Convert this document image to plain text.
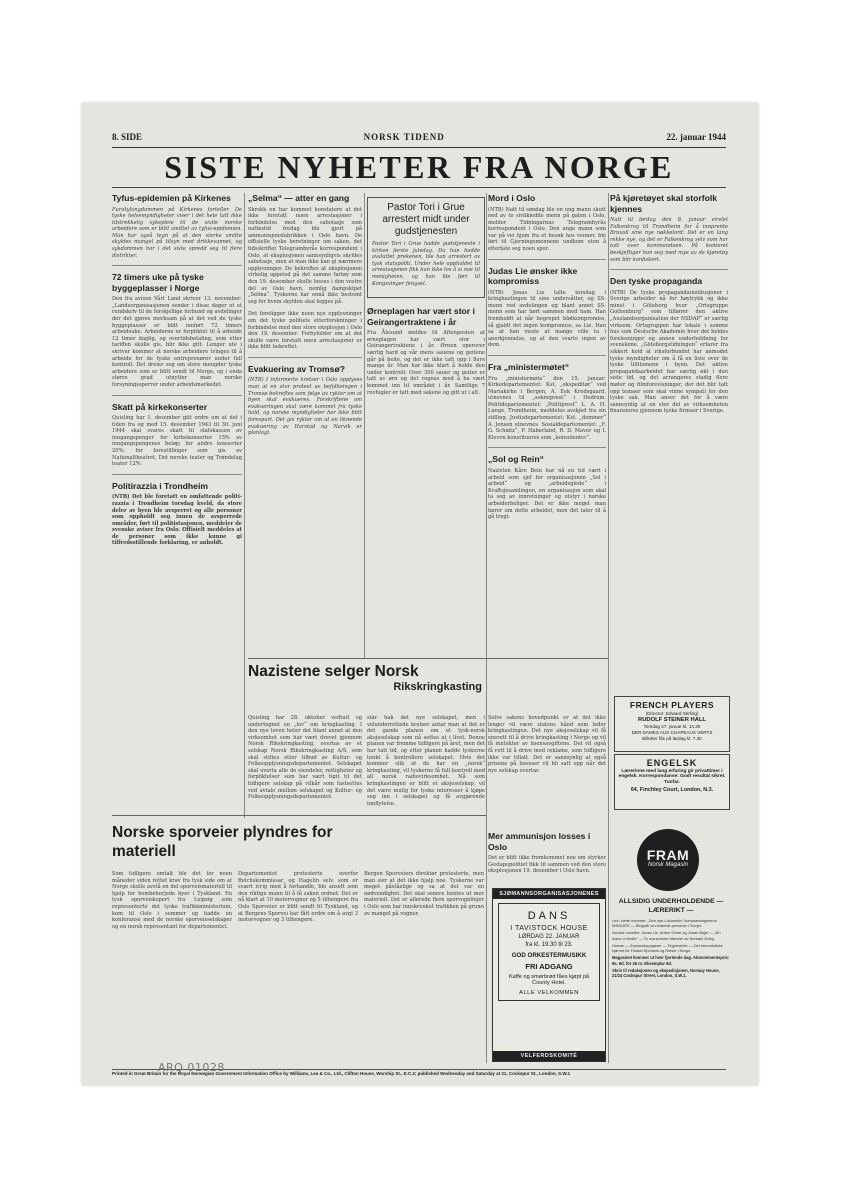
8. SIDE	NORSK TIDEND	22. januar 1944
SISTE NYHETER FRA NORGE
Tyfus-epidemien på Kirkenes

Furutylungdommen på Kirkenes forteller. De tyske helsemyndigheter viser i det hele tatt ikke tilstrekkelig sykepleie til de sivile norske arbeidere som er blitt smittet av tyfus-epidemien. Man har også tegn på at den sterke smitte skyldes mangel på tilsyn med drikkevannet, og sykdommen har i det siste spredd seg til flere distrikter.

72 timers uke på tyske byggeplasser i Norge

Den fra avisen Vårt Land skriver 13. november: „Landsorganisasjonen sender i disse dager ut et rundskriv til de forskjellige forbund og avdelinger der det gjøres merksam på at det ved de tyske byggeplasser er blitt innført 72 timers arbeidsuke. Arbeiderne er forpliktet til å arbeide 12 timer daglig, og overtidsbetaling, som etter tariffen skulle gis, blir ikke gitt. Lenger ute i skriver kommer at norske arbeidere tvinges til å arbeide for de tyske entreprenører under full kontroll. Det dreier seg om store mengder tyske arbeidere som er blitt sendt til Norge, og i enda større grad utnytter man norske forsyningssperrer under arbeidsmarkedet.

Skatt på kirkekonserter

Quisling har 1. desember gitt ordre om at det i tiden fra og med 15. desember 1943 til 30. juni 1944 skal svares skatt til statskassen av inngangspenger for kirkekonserter 15% av inngangspengenes beløp; for andre konserter 20%; for forestillinger som gis av Nationaltheatret, Det norske teater og Trøndelag teater 12%.

Politirazzia i Trondheim

(NTB) Det ble foretatt en omfattende politi-razzia i Trondheim torsdag kveld, da store deler av byen ble avsperret og alle personer som oppholdt seg innen de avsperrede områder, ført til politistasjonen, meddeler de svenske aviser fra Oslo. Offisielt meddeles at de personer som ikke kunne gi tilfredsstillende forklaring, er anholdt.

„Selma“ — atter en gang

Skrekk en har kommet konstatere at det ikke foretatt noen arrestasjoner i forbindelse med den sabotasje som nattestid fredag ble gjort på ammunisjonsfabrikken i Oslo havn. De offisielle tyske beretninger om saken, det tidsskriftet Telegrambyrås korrespondent i Oslo, at eksplosjonen sannsynligvis skyldes sabotasje, men at man ikke kan gi nærmere opplysninger. De bekreftes at eksplosjonen virkelig oppstod på det samme fartøy som den 19. desember skulle losses i den vestre del av Oslo havn, nemlig dampskipet „Selma“. Tyskerne har ennå ikke bestemt seg for hvem skylden skal legges på.

Det foreligger ikke noen nye opplysninger om det tyske politiets etterforskninger i forbindelse med den store eksplosjon i Oslo den 19. desember. Forbyfolder om at det skulle være foretatt noen arrestasjoner er ikke blitt bekreftet.

Evakuering av Tromsø?

(NTB) I informerte kretser i Oslo opplyses man at en stor protest av befolkningen i Tromsø bekreftes som følge av rykter om at byen skal evakueres. Forskriftene om evakueringen skal være kommet fra tyske hold, og norske myndigheter har ikke blitt forespurt. Det gis rykter om at en liknende evakuering av Harstad og Narvik er planlagt.

Pastor Tori i Grue arrestert midt under gudstjenesten

Pastor Tori i Grue hadde gudstjeneste i kirken første juledag. Da han hadde avsluttet prekenen, ble han arrestert av tysk statspoliti. Under hele oppholdet til arrestasjonen fikk han ikke lov å si noe til menigheten, og han ble ført til Kongsvinger fengsel.

Ørneplagen har vært stor i Geirangertraktene i år

Fra Ålesund meldes til Aftenposten at ørneplagen har vært stor i Geirangertraktene i år. Ørnen opererer særlig hard og vår mens sauene og geitene går på beite, og det er ikke tatt opp i flere mange år. Man har ikke klart å holde den under kontroll. Over 300 sauer og geiter er tatt av ørn og det regnes med å ha vært kommet inn til området i år. Samtlige 7 rovfugler er tatt med sakene og gitt ut i alt.

Mord i Oslo

(NTB) Natt til søndag ble en ung mann skutt ned av to sivilkledde menn på gaten i Oslo, melder Tidningarnas Telegrambyrås korrespondent i Oslo. Den unge mann som var på vei hjem fra et besøk hos venner, ble ført til Gjerningsmennene undkom uten å etterlate seg noen spor.

Judas Lie ønsker ikke kompromiss

(NTB) Jonas Lie talte torsdag i kringkastingen til sine undersåtter, og SS-menn ved avdelingen og blant annet SS-menn som har hørt sammen med ham. Han fremholdt at når begrepet bløtkompromiss, så gjaldt det ingen kompromiss, sa Lie. Han sa at han visste at mange ville ta i anerkjennelse, og at den svarte ingen av dem.

Fra „ministermøtet“

Fra „ministermøte“ den 15. januar: Kirkedepartementet: Kst. „ekspeditør“ ved Mariakirke i Bergen, A. Eek Krodsgaard, utnevnes til „sokneprest“ i Hedrum. Politidepartementet: „Politiprest“ L. A. H. Lunge, Trondheim, meddeles avskjed fra sin stilling. Justisdepartementet: Kst. „dommer“ A. Jensen utnevnes. Sosialdepartementet: „F. G. Schiøtz“, F. Haberland, R. D. Maver og I. Kleven konstitueres som „konsulenter“.

„Sol og Rein“

Nazisten Kåre Bein har nå en tid vært i arbeid som sjef for organisasjonen „Sol i arbeid“ og „arbeidsglede“ i Kraftsjesamlingen, en organisasjon som skal ta seg av innretninger og utstyr i norske arbeiderboliger. Det er ikke meget man hører om dette arbeidet, men det later til å gå tregt.

På kjøretøyet skal storfolk kjennes

Natt til lørdag den 8. januar virvlet Falkenkrog til Trondheim for å innprente Bruvoll sine nye nøkkelord: Det er en lang rekke nye, og det er Falkenkrog selv som har tatt over kommandoen. På kontoret beskjeftiger han seg med mye av de kjøretøy som blir konfiskert.

Den tyske propaganda

(NTB) De tyske propagandainstitusjoner i Sverige arbeider nå for høytrykk og ikke minst i Göteborg hvor „Ortsgruppe Gothenburg“ som tilhører den aktive „Auslandsorganisation der NSDAP“ er særlig virksom. Ortsgruppen har lokale i samme hus som Deutsche Akademie hvor det holdes forelesninger og annen underholdning for svenskene. „Göteborgstidningen“ erfarer fra sikkert hold at riksforbundet har anmodet tyske myndigheter om å få en liste over de tyske tillitsmenn i byen. Det aktive propagandaarbeidet har særlig økt i den siste tid, og det arrangeres stadig flere møter og filmforevisninger, der det blir tatt opp temaer som skal vinne sympati for den tyske sak. Man anser det for å være sannsynlig at en stor del av virksomheten finansieres gjennom tyske firmaer i Sverige.

Nazistene selger Norsk
Rikskringkasting

Quisling har 28. oktober vedtatt og undertegnet en „lov“ om kringkasting. I den nye loven heter det blant annet at den virksomhet som har vært drevet gjennom Norsk Rikskringkasting, overtas av et selskap Norsk Rikskringkasting A/S, som skal stiftes etter tilbud av Kultur- og Folkeopplysningsdepartementet. Selskapet skal overta alle de eiendeler, rettigheter og forpliktelser som har vært tigit til det tidligere selskap på vilkår som fastsettes ved avtale mellom selskapet og Kultur- og Folkeopplysningsdepartementet.

står bak det nye selskapet, men i velunderrettede kretser antar man at det er det gamle planen om et tysk-norsk aksjeselskap som nå settes ut i livet. Denne planen var fremme tidligere på året, men det har tatt tid, og etter planen hadde tyskerne tenkt å kontrollere selskapet. Hvis det kommer slik at de har en „norsk“ kringkasting, vil tyskerne få full kontroll med all norsk radiovirksomhet. Nå som kringkastingen er blitt et aksjeselskap, vil det være mulig for tyske interesser å kjøpe seg inn i selskapet og få avgjørende innflytelse.

Selve sakens hovedpunkt er at det ikke lenger vil være statens hånd som leder kringkastingen. Det nye aksjeselskap vil få enerett til å drive kringkasting i Norge og vil få inntekter av lisensavgiftene. Det vil også få rett til å drive med reklame, som tidligere ikke var tillatt. Det er sannsynlig at også prisene på lisenser vil bli satt opp når det nye selskap overtar.

Norske sporveier plyndres for materiell

Som tidligere omtalt ble det for noen måneder siden rettet krav fra tysk side om at Norge skulle avstå en del sporveismateriell til hjelp for bombeherjede byer i Tyskland. En tysk sporveiskspert fra Leipzig som representerte det tyske trafikkministerium, kom til Oslo i sommer og hadde en konferanse med de norske sporveisselskaper og en norsk representant for departementet.

Departementet protesterte overfor Reichskommissar, og Hagelin selv, som er svært ivrig med å forhandle, ble ansett som den riktige mann til å få saken ordnet. Det er nå klart at 10 motorvogner og 5 tilhengere fra Oslo Sporveier er blitt sendt til Tyskland, og at Bergens Sporvei har fått ordre om å avgi 3 motorvogner og 3 tilhengere.

Bergen Sporveiers direktør protesterte, men man sier at det ikke hjalp noe. Tyskerne var meget påståelige og sa at det var en nødvendighet. Det skal senere hentes ut mer materiell. Det er allerede flere sporvognlinjer i Oslo som har innskrenket trafikken på grunn av mangel på vogner.

Mer ammunisjon losses i Oslo

Det er blitt ikke fremkommet noe om styrker Gestapopolitiet fikk til sammen ved den store eksplosjonen 19. desember i Oslo havn.

SJØMANNSORGANISASJONENES
DANS
I TAVISTOCK HOUSE
LØRDAG 22. JANUAR
fra kl. 19.30 til 23.
GOD ORKESTERMUSIKK
FRI ADGANG
Kaffe og smørbrød fåes kjøpt på County Hotel.
ALLE VELKOMMEN
VELFERDSKOMITÉ
FRENCH PLAYERS
(Director: Edward Stirling)
RUDOLF STEINER HALL
Torsdag 27. januar kl. 14.30
DER DAMES AUX CHAPEAUX VERTS
Billetter fås på lørdag kl. 7.30
ENGELSK
Lærerinne med lang erfaring gir privattimer i engelsk. Korrespondanse: Godt resultat sikret.
Tunfar.
64, Finchley Court, London, N.3.
FRAM
Norsk Magasin
ALLSIDIG UNDERHOLDENDE — LÆRERIKT —

Les i dette nummer: „Den nye Lokomotiv“ kommandogeneral WINGATE — Biografi om ledende personer i Sovjet.

Norske noveller: Jonas Lie, Arthur Omre og Johan Bojer — „En mann vi tindre“ — To morsomme historier av Nordahl Grieg.

Humør — Kryssordoppgaver — Tegneserier — Det humoristiske hjørnet for Fødsel Sporavis og Reiser i Norge.

Magasinet kommer ut hver fjortende dag. Abonnementspris: 6s. 6d. for 26 nr. Eksemplar 6d.

Skriv til redaksjonen og ekspedisjonen, Norway House, 21/24 Cockspur Street, London, S.W.1.

Printed in Great Britain for the Royal Norwegian Government Information Office by Williams, Lea & Co., Ltd., Clifton House, Worship St., E.C.2; published Wednesday and Saturday at 21, Cockspur St., London, S.W.1
ARQ 01028
